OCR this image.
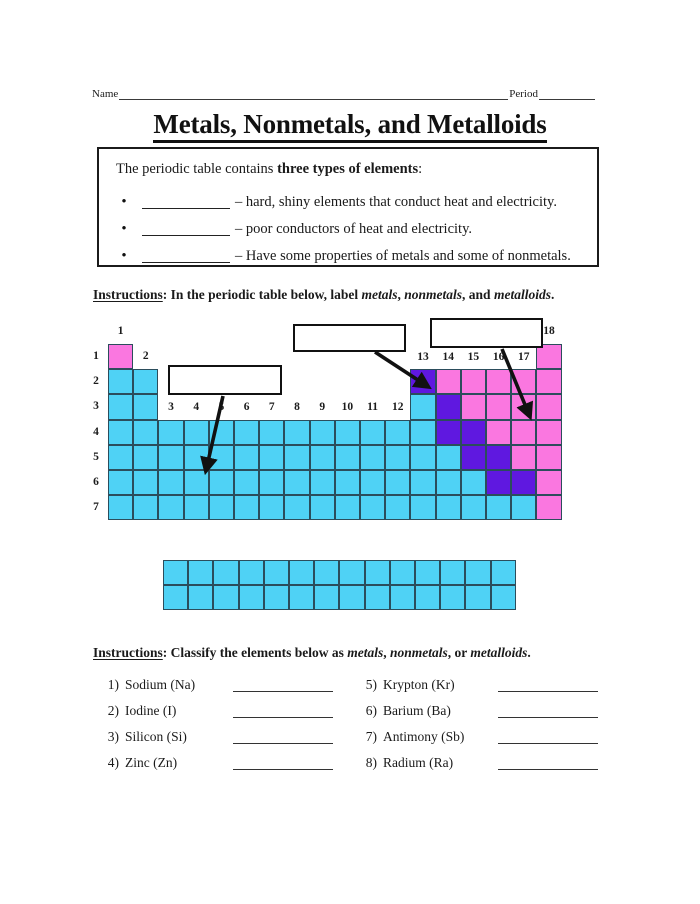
Name	Period
Metals, Nonmetals, and Metalloids
The periodic table contains three types of elements:
•	– hard, shiny elements that conduct heat and electricity.
•	– poor conductors of heat and electricity.
•	– Have some properties of metals and some of nonmetals.
Instructions: In the periodic table below, label metals, nonmetals, and metalloids.
1
2
3	4	5	6	7	8	9	10	11	12
13	14	15	16	17
18
1
2
3
4
5
6
7
Instructions: Classify the elements below as metals, nonmetals, or metalloids.
1) Sodium (Na)
2) Iodine (I)
3) Silicon (Si)
4) Zinc (Zn)
5) Krypton (Kr)
6) Barium (Ba)
7) Antimony (Sb)
8) Radium (Ra)
